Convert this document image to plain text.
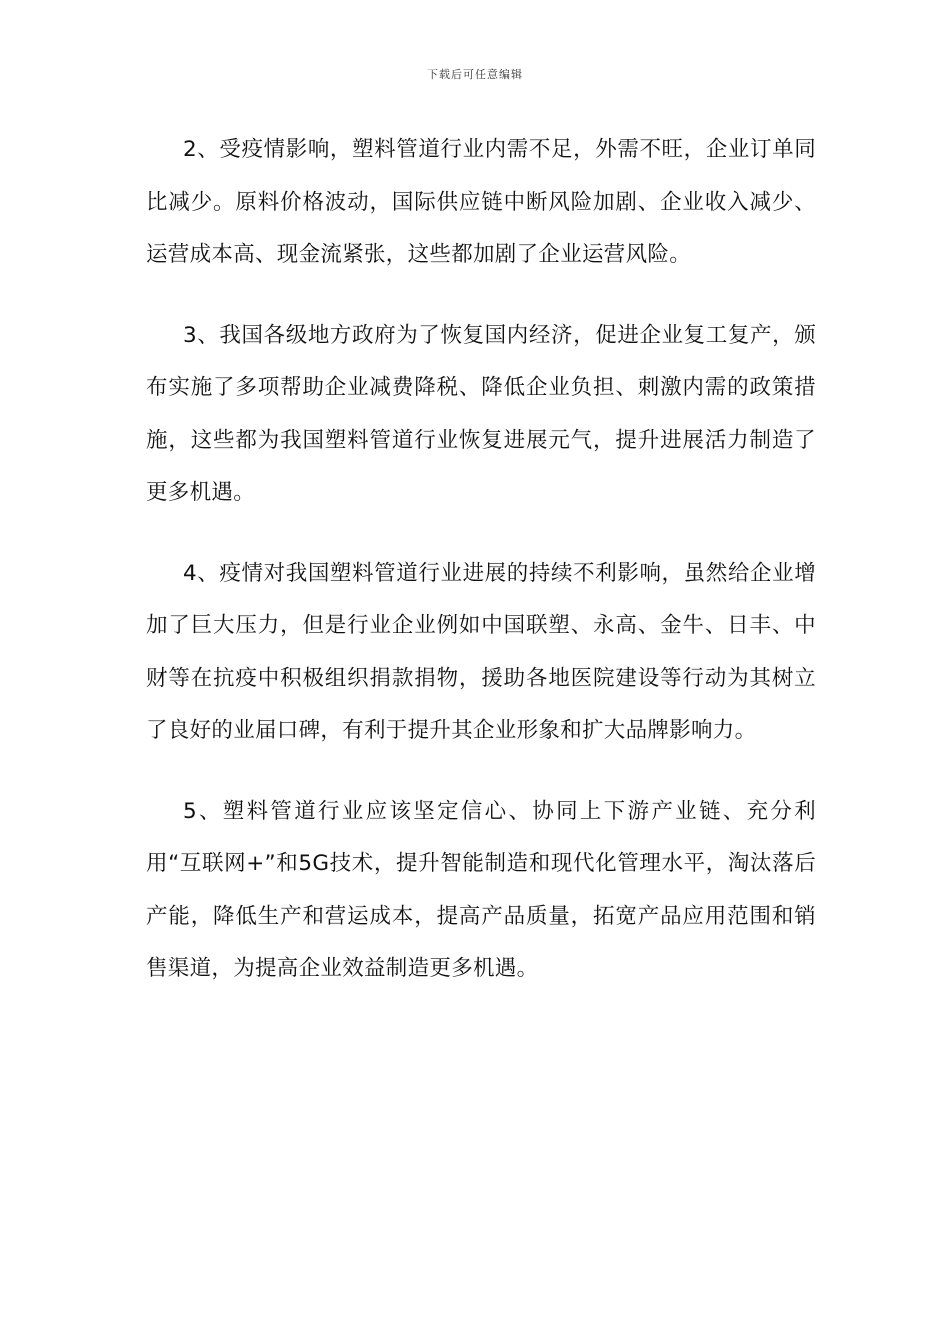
下载后可任意编辑

2、受疫情影响，塑料管道行业内需不足，外需不旺，企业订单同比减少。原料价格波动，国际供应链中断风险加剧、企业收入减少、运营成本高、现金流紧张，这些都加剧了企业运营风险。

3、我国各级地方政府为了恢复国内经济，促进企业复工复产，颁布实施了多项帮助企业减费降税、降低企业负担、刺激内需的政策措施，这些都为我国塑料管道行业恢复进展元气，提升进展活力制造了更多机遇。

4、疫情对我国塑料管道行业进展的持续不利影响，虽然给企业增加了巨大压力，但是行业企业例如中国联塑、永高、金牛、日丰、中财等在抗疫中积极组织捐款捐物，援助各地医院建设等行动为其树立了良好的业届口碑，有利于提升其企业形象和扩大品牌影响力。

5、塑料管道行业应该坚定信心、协同上下游产业链、充分利用“互联网+”和5G技术，提升智能制造和现代化管理水平，淘汰落后产能，降低生产和营运成本，提高产品质量，拓宽产品应用范围和销售渠道，为提高企业效益制造更多机遇。
